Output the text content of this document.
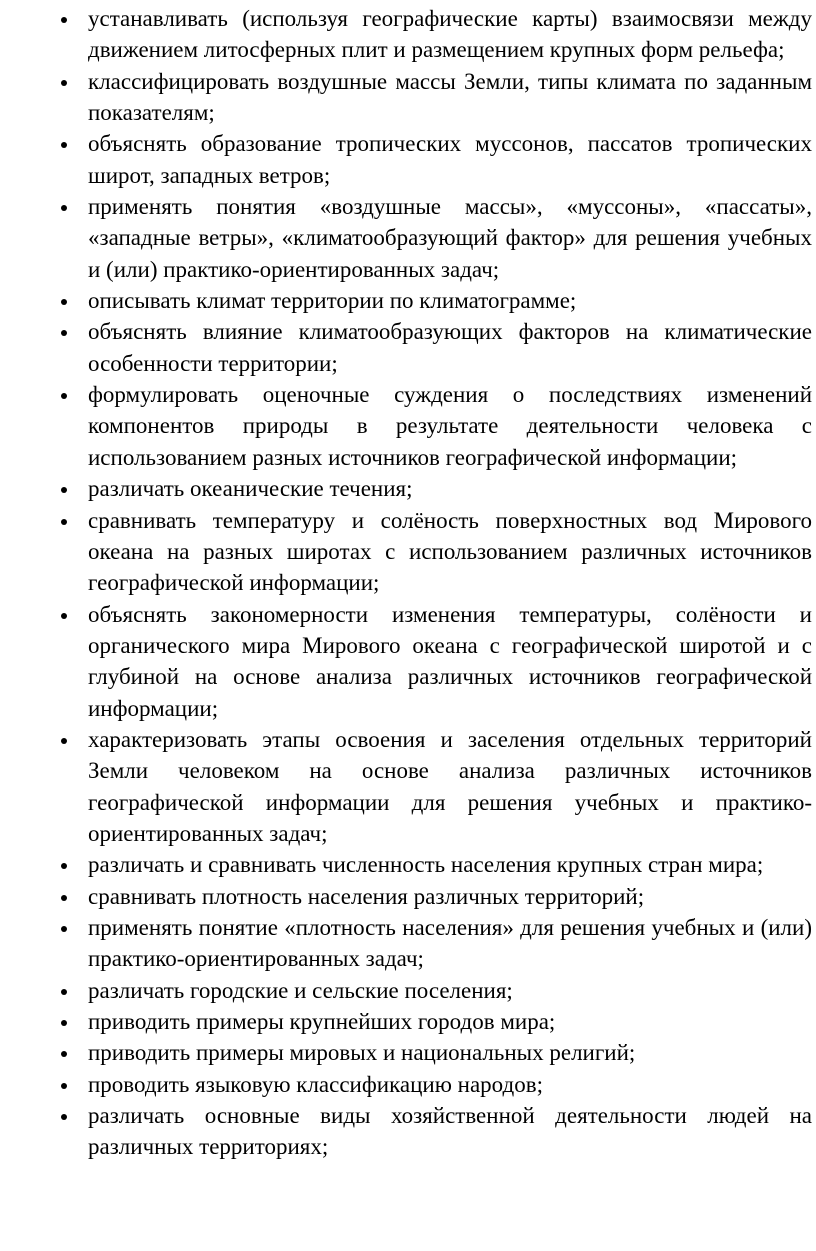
устанавливать (используя географические карты) взаимосвязи между движением литосферных плит и размещением крупных форм рельефа;
классифицировать воздушные массы Земли, типы климата по заданным показателям;
объяснять образование тропических муссонов, пассатов тропических широт, западных ветров;
применять понятия «воздушные массы», «муссоны», «пассаты», «западные ветры», «климатообразующий фактор» для решения учебных и (или) практико-ориентированных задач;
описывать климат территории по климатограмме;
объяснять влияние климатообразующих факторов на климатические особенности территории;
формулировать оценочные суждения о последствиях изменений компонентов природы в результате деятельности человека с использованием разных источников географической информации;
различать океанические течения;
сравнивать температуру и солёность поверхностных вод Мирового океана на разных широтах с использованием различных источников географической информации;
объяснять закономерности изменения температуры, солёности и органического мира Мирового океана с географической широтой и с глубиной на основе анализа различных источников географической информации;
характеризовать этапы освоения и заселения отдельных территорий Земли человеком на основе анализа различных источников географической информации для решения учебных и практико-ориентированных задач;
различать и сравнивать численность населения крупных стран мира;
сравнивать плотность населения различных территорий;
применять понятие «плотность населения» для решения учебных и (или) практико-ориентированных задач;
различать городские и сельские поселения;
приводить примеры крупнейших городов мира;
приводить примеры мировых и национальных религий;
проводить языковую классификацию народов;
различать основные виды хозяйственной деятельности людей на различных территориях;
